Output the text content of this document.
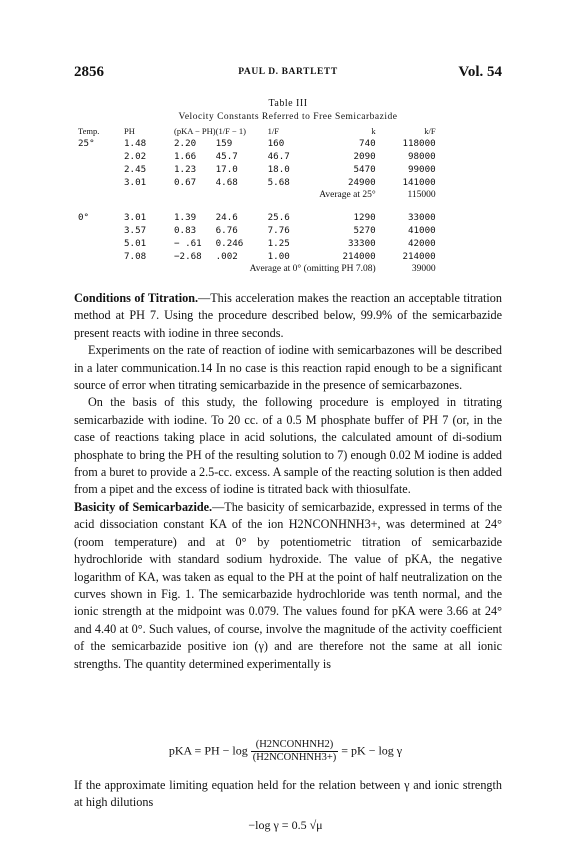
2856	PAUL D. BARTLETT	Vol. 54
Table III
Velocity Constants Referred to Free Semicarbazide
Temp.	PH	(pKA − PH)	(1/F − 1)	1/F	k	k/F
25°	1.48	2.20	159	160	740	118000
	2.02	1.66	45.7	46.7	2090	98000
	2.45	1.23	17.0	18.0	5470	99000
	3.01	0.67	4.68	5.68	24900	141000
Average at 25°						115000

0°	3.01	1.39	24.6	25.6	1290	33000
	3.57	0.83	6.76	7.76	5270	41000
	5.01	− .61	0.246	1.25	33300	42000
	7.08	−2.68	.002	1.00	214000	214000
Average at 0° (omitting PH 7.08)						39000

Conditions of Titration.—This acceleration makes the reaction an acceptable titration method at PH 7. Using the procedure described below, 99.9% of the semicarbazide present reacts with iodine in three seconds.

Experiments on the rate of reaction of iodine with semicarbazones will be described in a later communication.14 In no case is this reaction rapid enough to be a significant source of error when titrating semicarbazide in the presence of semicarbazones.

On the basis of this study, the following procedure is employed in titrating semicarbazide with iodine. To 20 cc. of a 0.5 M phosphate buffer of PH 7 (or, in the case of reactions taking place in acid solutions, the calculated amount of di-sodium phosphate to bring the PH of the resulting solution to 7) enough 0.02 M iodine is added from a buret to provide a 2.5-cc. excess. A sample of the reacting solution is then added from a pipet and the excess of iodine is titrated back with thiosulfate.

Basicity of Semicarbazide.—The basicity of semicarbazide, expressed in terms of the acid dissociation constant KA of the ion H2NCONHNH3+, was determined at 24° (room temperature) and at 0° by potentiometric titration of semicarbazide hydrochloride with standard sodium hydroxide. The value of pKA, the negative logarithm of KA, was taken as equal to the PH at the point of half neutralization on the curves shown in Fig. 1. The semicarbazide hydrochloride was tenth normal, and the ionic strength at the midpoint was 0.079. The values found for pKA were 3.66 at 24° and 4.40 at 0°. Such values, of course, involve the magnitude of the activity coefficient of the semicarbazide positive ion (γ) and are therefore not the same at all ionic strengths. The quantity determined experimentally is

pKA = PH − $\log \frac{\text{(H2NCONHNH2)}}{\text{(H2NCONHNH3+)}}$ = pK − log γ
If the approximate limiting equation held for the relation between γ and ionic strength at high dilutions
−log γ = 0.5 √μ
